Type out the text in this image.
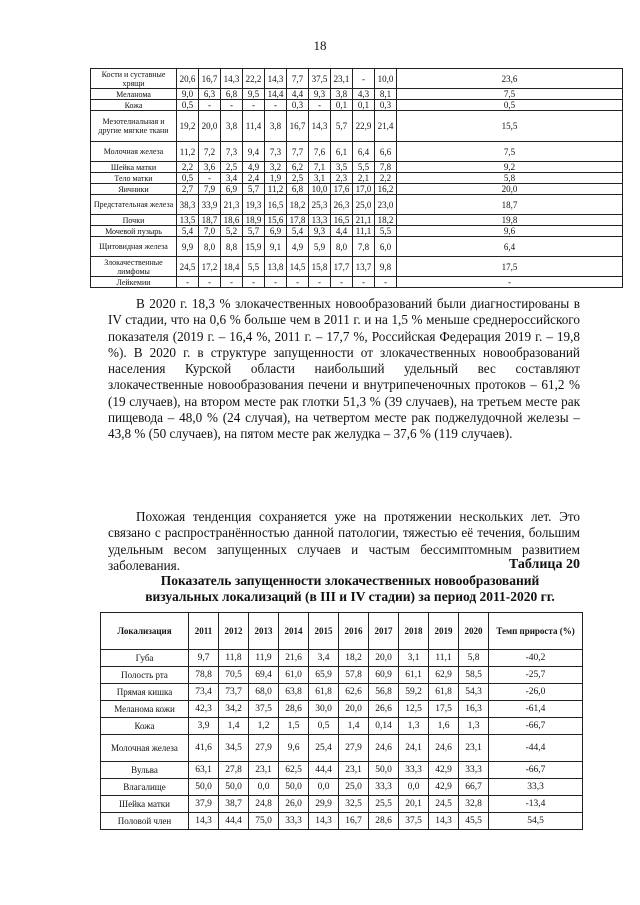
18
Кости и суставные хрящи	20,6	16,7	14,3	22,2	14,3	7,7	37,5	23,1	-	10,0	23,6
Меланома	9,0	6,3	6,8	9,5	14,4	4,4	9,3	3,8	4,3	8,1	7,5
Кожа	0,5	-	-	-	-	0,3	-	0,1	0,1	0,3	0,5
Мезотелиальная и другие мягкие ткани	19,2	20,0	3,8	11,4	3,8	16,7	14,3	5,7	22,9	21,4	15,5
Молочная железа	11,2	7,2	7,3	9,4	7,3	7,7	7,6	6,1	6,4	6,6	7,5
Шейка матки	2,2	3,6	2,5	4,9	3,2	6,2	7,1	3,5	5,5	7,8	9,2
Тело матки	0,5	-	3,4	2,4	1,9	2,5	3,1	2,3	2,1	2,2	5,8
Яичники	2,7	7,9	6,9	5,7	11,2	6,8	10,0	17,6	17,0	16,2	20,0
Предстательная железа	38,3	33,9	21,3	19,3	16,5	18,2	25,3	26,3	25,0	23,0	18,7
Почки	13,5	18,7	18,6	18,9	15,6	17,8	13,3	16,5	21,1	18,2	19,8
Мочевой пузырь	5,4	7,0	5,2	5,7	6,9	5,4	9,3	4,4	11,1	5,5	9,6
Щитовидная железа	9,9	8,0	8,8	15,9	9,1	4,9	5,9	8,0	7,8	6,0	6,4
Злокачественные лимфомы	24,5	17,2	18,4	5,5	13,8	14,5	15,8	17,7	13,7	9,8	17,5
Лейкемии	-	-	-	-	-	-	-	-	-	-	-

В 2020 г. 18,3 % злокачественных новообразований были диагностированы в IV стадии, что на 0,6 % больше чем в 2011 г. и на 1,5 % меньше среднероссийского показателя (2019 г. – 16,4 %, 2011 г. – 17,7 %, Российская Федерация 2019 г. – 19,8 %). В 2020 г. в структуре запущенности от злокачественных новообразований населения Курской области наибольший удельный вес составляют злокачественные новообразования печени и внутрипеченочных протоков – 61,2 % (19 случаев), на втором месте рак глотки 51,3 % (39 случаев), на третьем месте рак пищевода – 48,0 % (24 случая), на четвертом месте рак поджелудочной железы – 43,8 % (50 случаев), на пятом месте рак желудка – 37,6 % (119 случаев).

Похожая тенденция сохраняется уже на протяжении нескольких лет. Это связано с распространённостью данной патологии, тяжестью её течения, большим удельным весом запущенных случаев и частым бессимптомным развитием заболевания.	Таблица 20
Показатель запущенности злокачественных новообразований
визуальных локализаций (в III и IV стадии) за период 2011-2020 гг.
Локализация	2011	2012	2013	2014	2015	2016	2017	2018	2019	2020	Темп прироста (%)
Губа	9,7	11,8	11,9	21,6	3,4	18,2	20,0	3,1	11,1	5,8	-40,2
Полость рта	78,8	70,5	69,4	61,0	65,9	57,8	60,9	61,1	62,9	58,5	-25,7
Прямая кишка	73,4	73,7	68,0	63,8	61,8	62,6	56,8	59,2	61,8	54,3	-26,0
Меланома кожи	42,3	34,2	37,5	28,6	30,0	20,0	26,6	12,5	17,5	16,3	-61,4
Кожа	3,9	1,4	1,2	1,5	0,5	1,4	0,14	1,3	1,6	1,3	-66,7
Молочная железа	41,6	34,5	27,9	9,6	25,4	27,9	24,6	24,1	24,6	23,1	-44,4
Вульва	63,1	27,8	23,1	62,5	44,4	23,1	50,0	33,3	42,9	33,3	-66,7
Влагалище	50,0	50,0	0,0	50,0	0,0	25,0	33,3	0,0	42,9	66,7	33,3
Шейка матки	37,9	38,7	24,8	26,0	29,9	32,5	25,5	20,1	24,5	32,8	-13,4
Половой член	14,3	44,4	75,0	33,3	14,3	16,7	28,6	37,5	14,3	45,5	54,5
